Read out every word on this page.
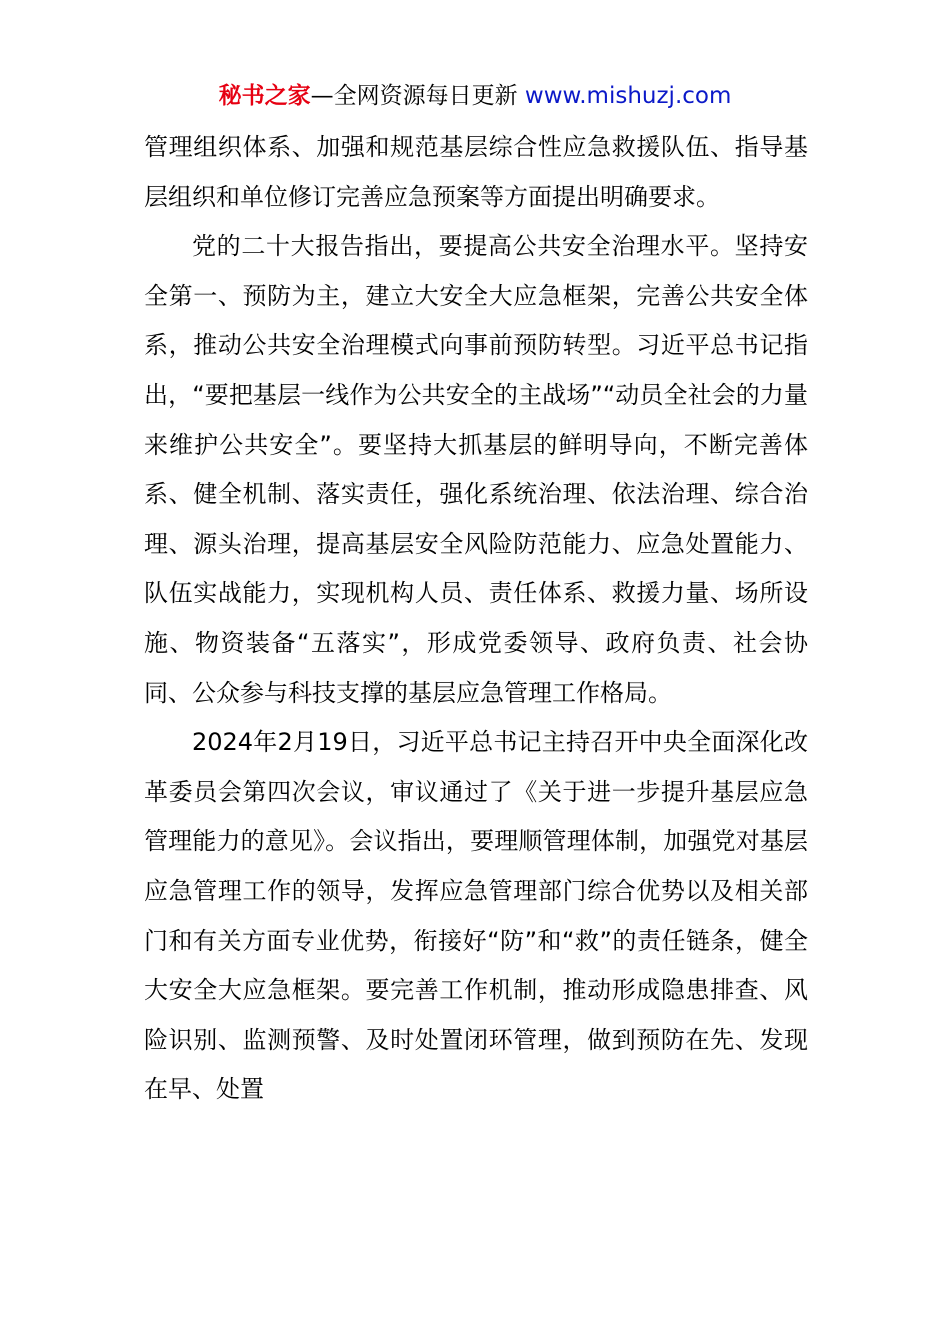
秘书之家—全网资源每日更新 www.mishuzj.com

管理组织体系、加强和规范基层综合性应急救援队伍、指导基层组织和单位修订完善应急预案等方面提出明确要求。

党的二十大报告指出，要提高公共安全治理水平。坚持安全第一、预防为主，建立大安全大应急框架，完善公共安全体系，推动公共安全治理模式向事前预防转型。习近平总书记指出，“要把基层一线作为公共安全的主战场”“动员全社会的力量来维护公共安全”。要坚持大抓基层的鲜明导向，不断完善体系、健全机制、落实责任，强化系统治理、依法治理、综合治理、源头治理，提高基层安全风险防范能力、应急处置能力、队伍实战能力，实现机构人员、责任体系、救援力量、场所设施、物资装备“五落实”，形成党委领导、政府负责、社会协同、公众参与科技支撑的基层应急管理工作格局。

2024年2月19日，习近平总书记主持召开中央全面深化改革委员会第四次会议，审议通过了《关于进一步提升基层应急管理能力的意见》。会议指出，要理顺管理体制，加强党对基层应急管理工作的领导，发挥应急管理部门综合优势以及相关部门和有关方面专业优势，衔接好“防”和“救”的责任链条，健全大安全大应急框架。要完善工作机制，推动形成隐患排查、风险识别、监测预警、及时处置闭环管理，做到预防在先、发现在早、处置
